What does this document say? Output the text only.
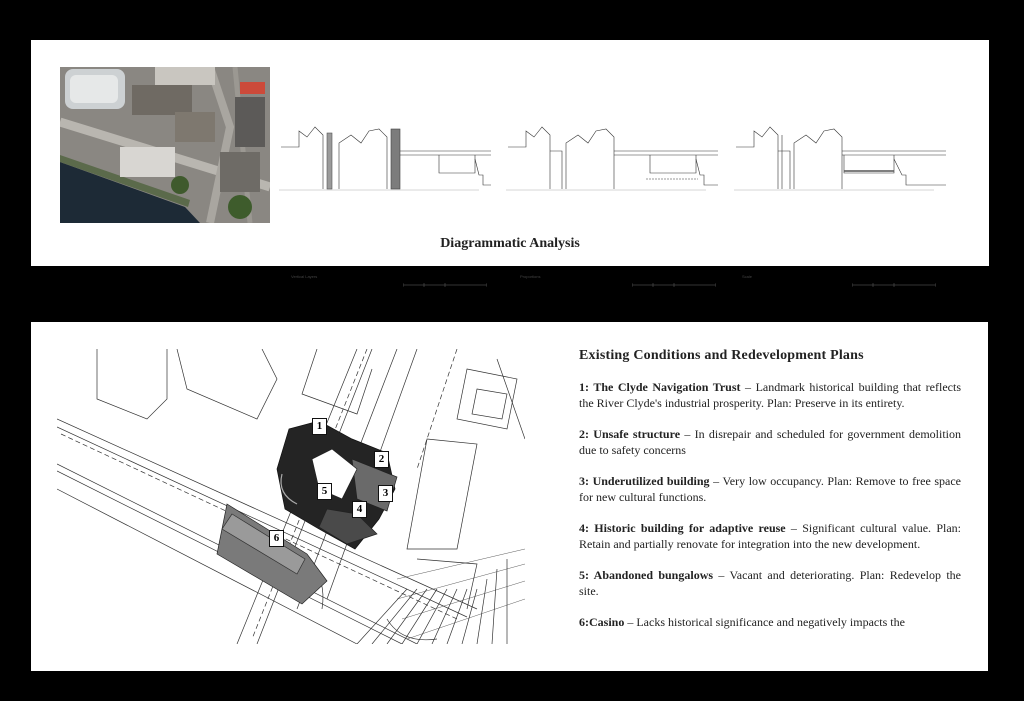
Vertical Layers	Proportions	Scale
Diagrammatic Analysis
1
2
3
4
5
6
Existing Conditions and Redevelopment Plans
1: The Clyde Navigation Trust – Landmark historical building that reflects the River Clyde's industrial prosperity. Plan: Preserve in its entirety.
2: Unsafe structure – In disrepair and scheduled for government demolition due to safety concerns
3: Underutilized building – Very low occupancy. Plan: Remove to free space for new cultural functions.
4: Historic building for adaptive reuse – Significant cultural value. Plan: Retain and partially renovate for integration into the new development.
5: Abandoned bungalows – Vacant and deteriorating. Plan: Redevelop the site.
6:Casino – Lacks historical significance and negatively impacts the
